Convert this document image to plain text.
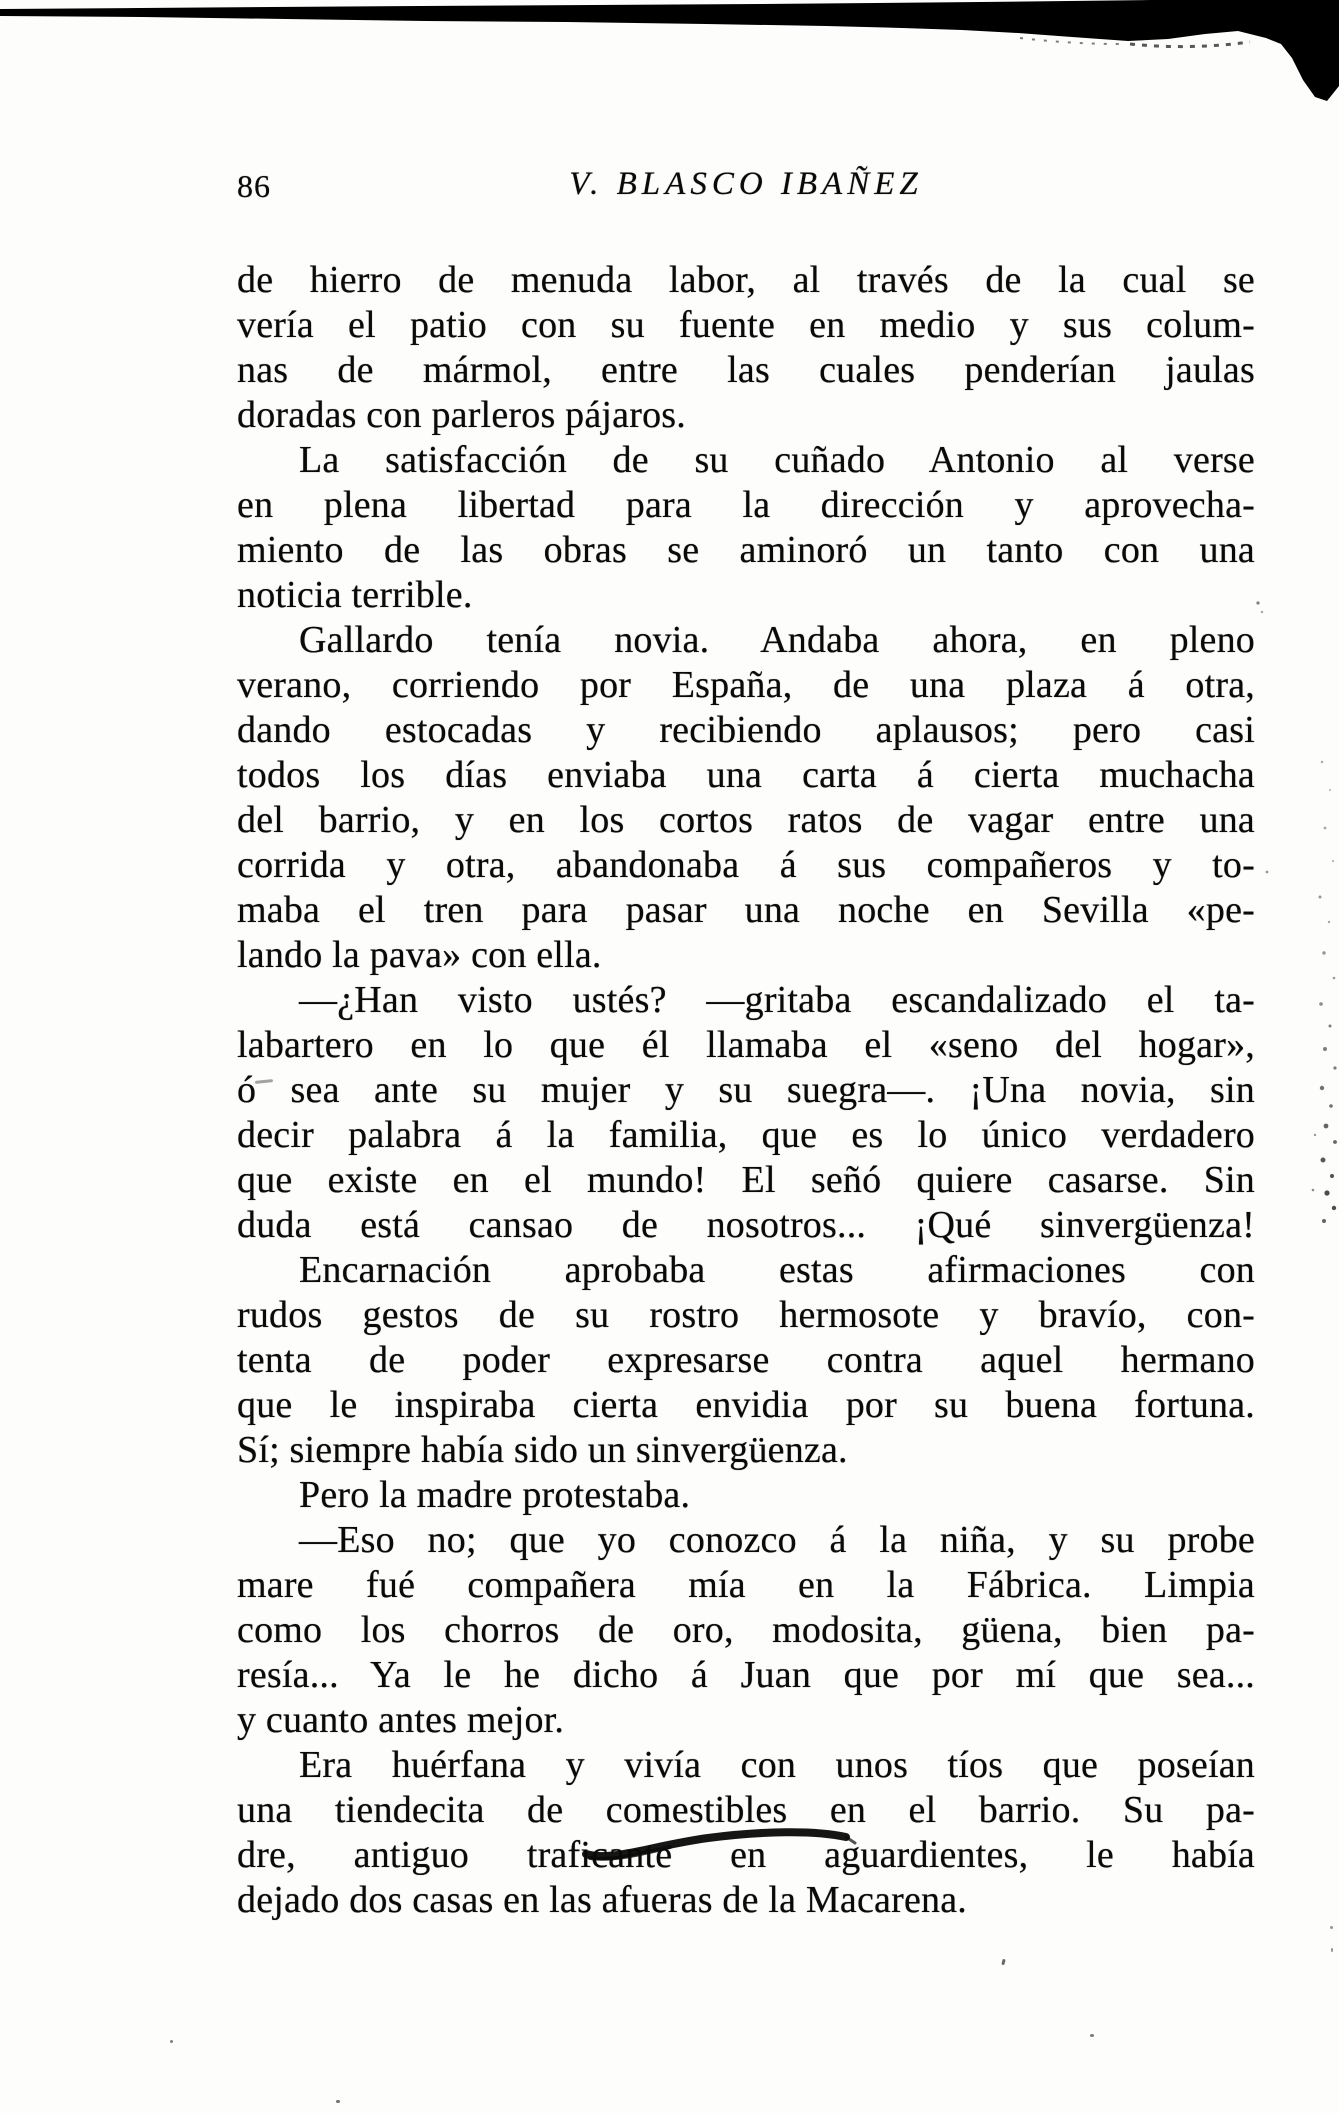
86	V. BLASCO IBAÑEZ
de hierro de menuda labor, al través de la cual se
vería el patio con su fuente en medio y sus colum-
nas de mármol, entre las cuales penderían jaulas
doradas con parleros pájaros.
La satisfacción de su cuñado Antonio al verse
en plena libertad para la dirección y aprovecha-
miento de las obras se aminoró un tanto con una
noticia terrible.
Gallardo tenía novia. Andaba ahora, en pleno
verano, corriendo por España, de una plaza á otra,
dando estocadas y recibiendo aplausos; pero casi
todos los días enviaba una carta á cierta muchacha
del barrio, y en los cortos ratos de vagar entre una
corrida y otra, abandonaba á sus compañeros y to-
maba el tren para pasar una noche en Sevilla «pe-
lando la pava» con ella.
—¿Han visto ustés? —gritaba escandalizado el ta-
labartero en lo que él llamaba el «seno del hogar»,
ó sea ante su mujer y su suegra—. ¡Una novia, sin
decir palabra á la familia, que es lo único verdadero
que existe en el mundo! El señó quiere casarse. Sin
duda está cansao de nosotros... ¡Qué sinvergüenza!
Encarnación aprobaba estas afirmaciones con
rudos gestos de su rostro hermosote y bravío, con-
tenta de poder expresarse contra aquel hermano
que le inspiraba cierta envidia por su buena fortuna.
Sí; siempre había sido un sinvergüenza.
Pero la madre protestaba.
—Eso no; que yo conozco á la niña, y su probe
mare fué compañera mía en la Fábrica. Limpia
como los chorros de oro, modosita, güena, bien pa-
resía... Ya le he dicho á Juan que por mí que sea...
y cuanto antes mejor.
Era huérfana y vivía con unos tíos que poseían
una tiendecita de comestibles en el barrio. Su pa-
dre, antiguo traficante en aguardientes, le había
dejado dos casas en las afueras de la Macarena.
